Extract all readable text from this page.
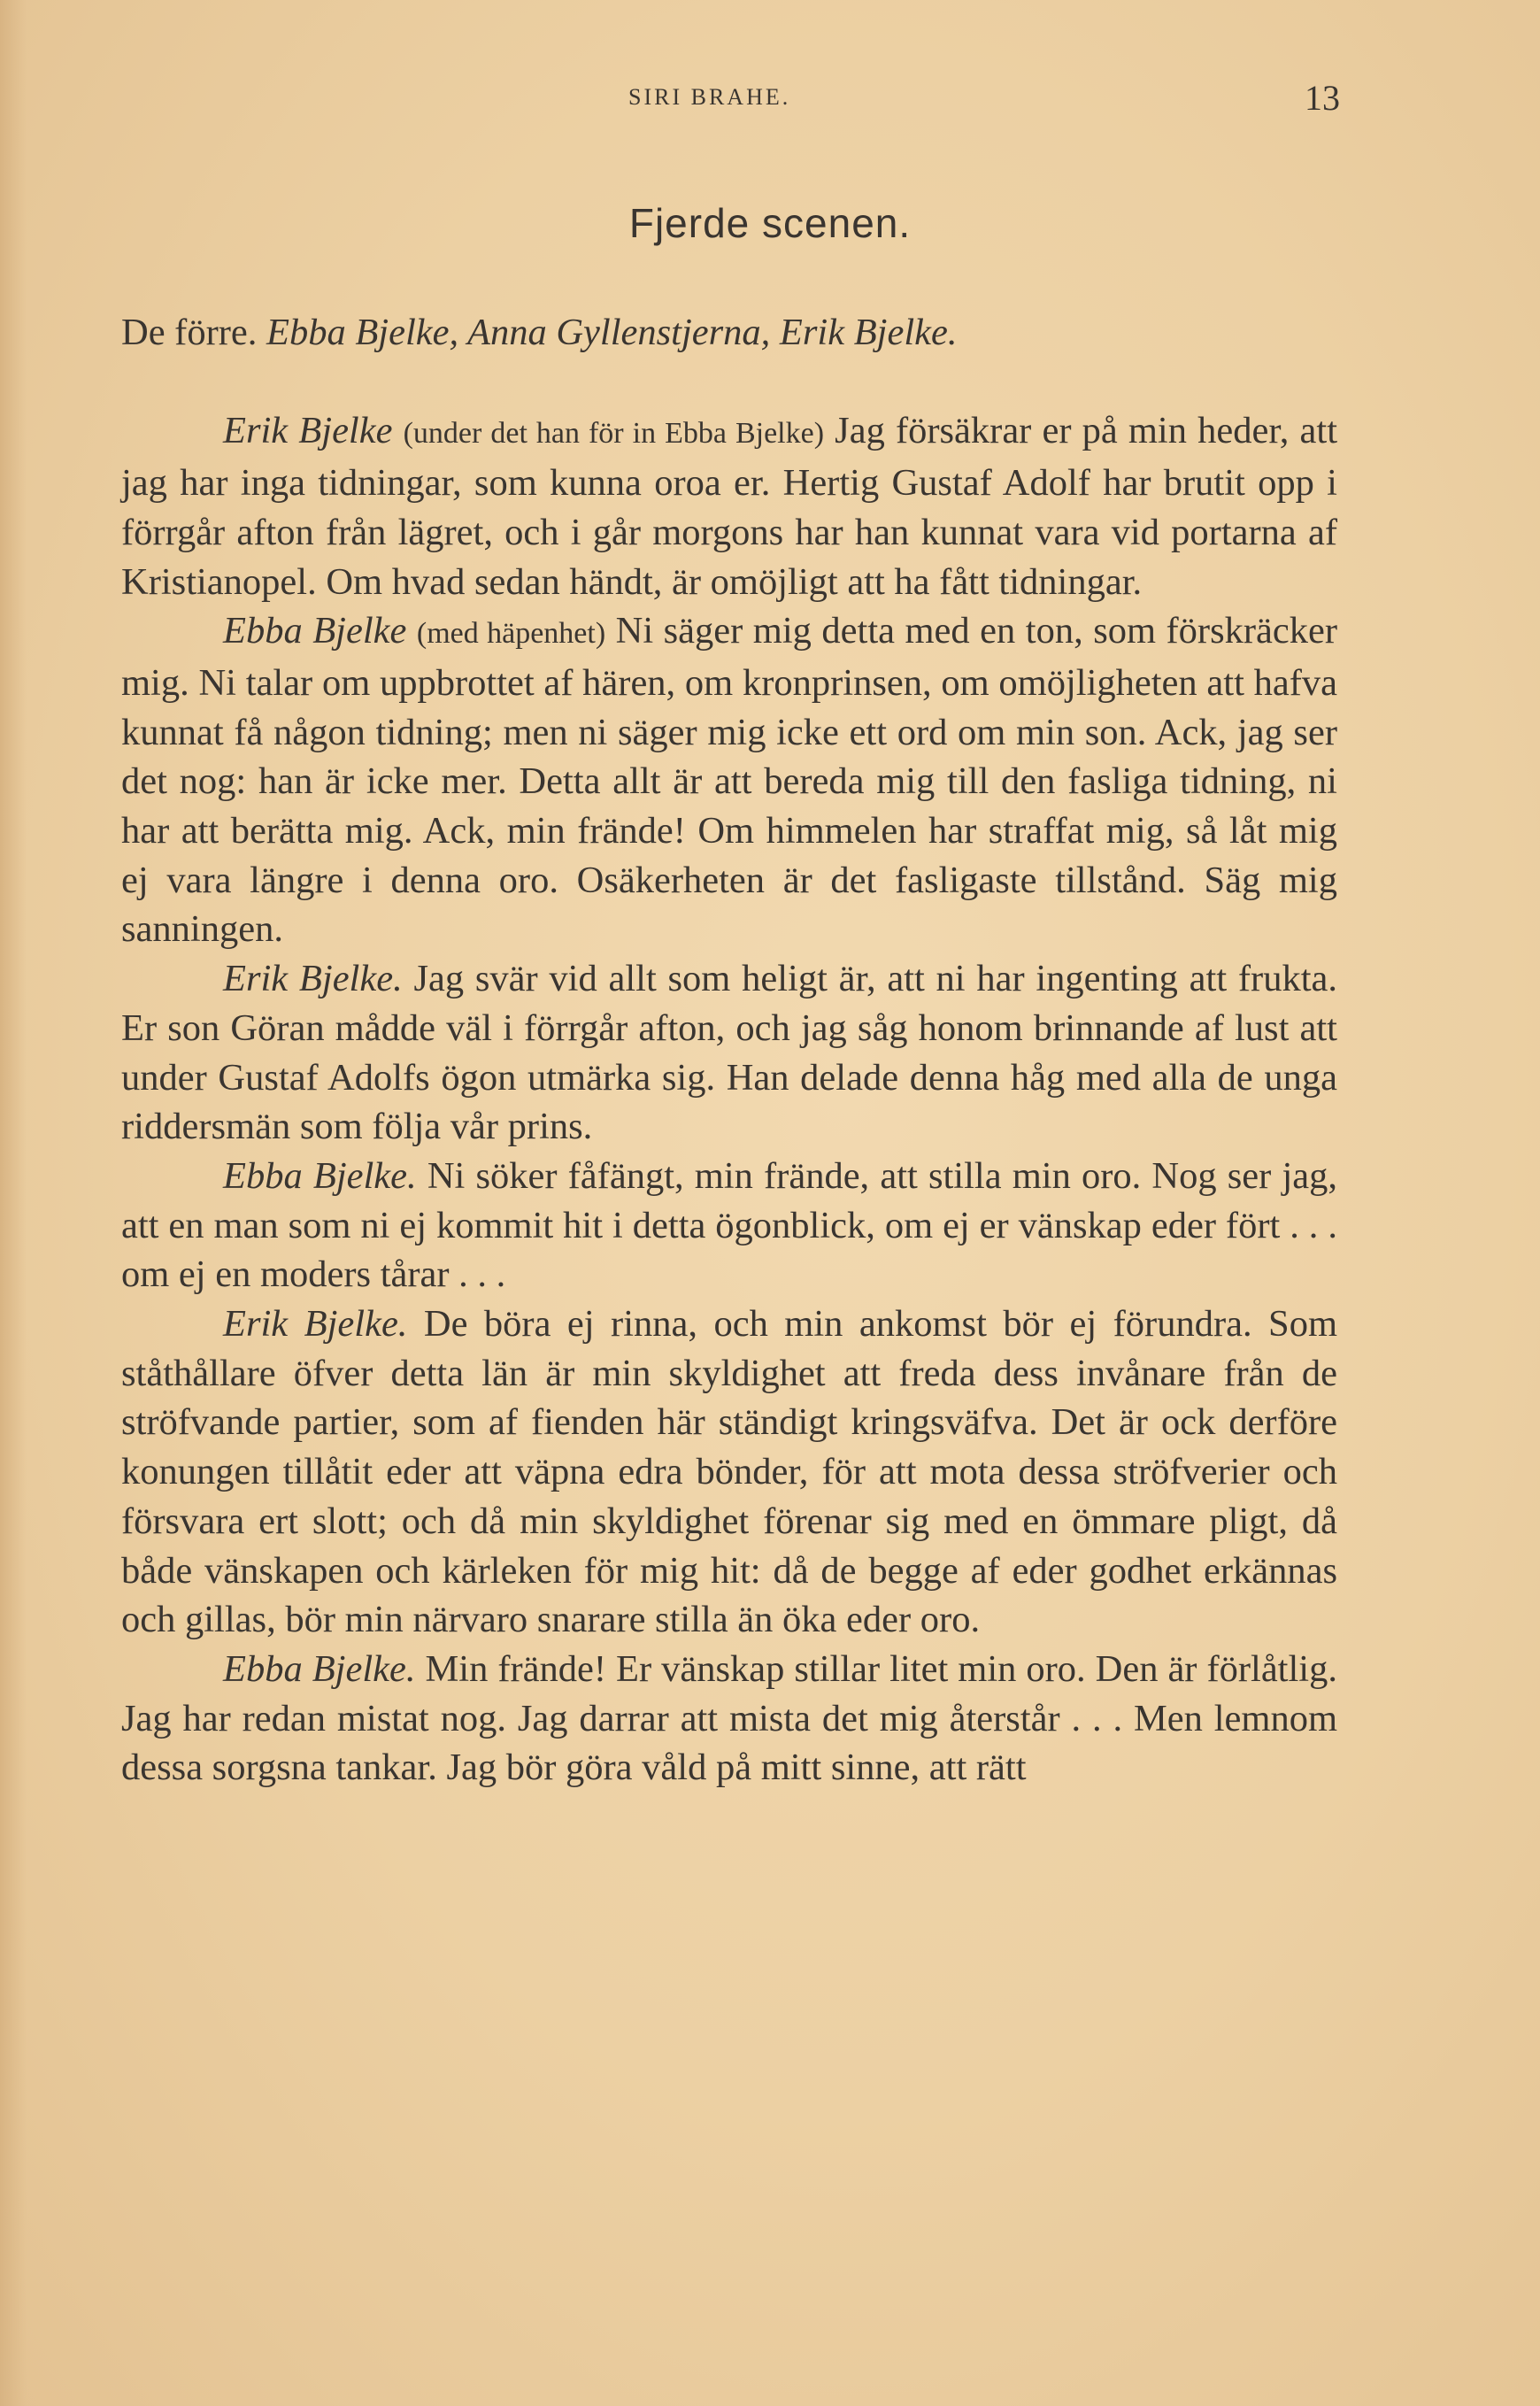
SIRI BRAHE.	13
Fjerde scenen.

De förre. Ebba Bjelke, Anna Gyllenstjerna, Erik Bjelke.

Erik Bjelke (under det han för in Ebba Bjelke) Jag försäkrar er på min heder, att jag har inga tidningar, som kunna oroa er. Hertig Gustaf Adolf har brutit opp i förrgår afton från lägret, och i går morgons har han kunnat vara vid portarna af Kristianopel. Om hvad sedan händt, är omöjligt att ha fått tidningar.

Ebba Bjelke (med häpenhet) Ni säger mig detta med en ton, som förskräcker mig. Ni talar om uppbrottet af hären, om kronprinsen, om omöjligheten att hafva kunnat få någon tidning; men ni säger mig icke ett ord om min son. Ack, jag ser det nog: han är icke mer. Detta allt är att bereda mig till den fasliga tidning, ni har att berätta mig. Ack, min frände! Om himmelen har straffat mig, så låt mig ej vara längre i denna oro. Osäkerheten är det fasligaste tillstånd. Säg mig sanningen.

Erik Bjelke. Jag svär vid allt som heligt är, att ni har ingenting att frukta. Er son Göran mådde väl i förrgår afton, och jag såg honom brinnande af lust att under Gustaf Adolfs ögon utmärka sig. Han delade denna håg med alla de unga riddersmän som följa vår prins.

Ebba Bjelke. Ni söker fåfängt, min frände, att stilla min oro. Nog ser jag, att en man som ni ej kommit hit i detta ögonblick, om ej er vänskap eder fört . . . om ej en moders tårar . . .

Erik Bjelke. De böra ej rinna, och min ankomst bör ej förundra. Som ståthållare öfver detta län är min skyldighet att freda dess invånare från de ströfvande partier, som af fienden här ständigt kringsväfva. Det är ock derföre konungen tillåtit eder att väpna edra bönder, för att mota dessa ströfverier och försvara ert slott; och då min skyldighet förenar sig med en ömmare pligt, då både vänskapen och kärleken för mig hit: då de begge af eder godhet erkännas och gillas, bör min närvaro snarare stilla än öka eder oro.

Ebba Bjelke. Min frände! Er vänskap stillar litet min oro. Den är förlåtlig. Jag har redan mistat nog. Jag darrar att mista det mig återstår . . . Men lemnom dessa sorgsna tankar. Jag bör göra våld på mitt sinne, att rätt
